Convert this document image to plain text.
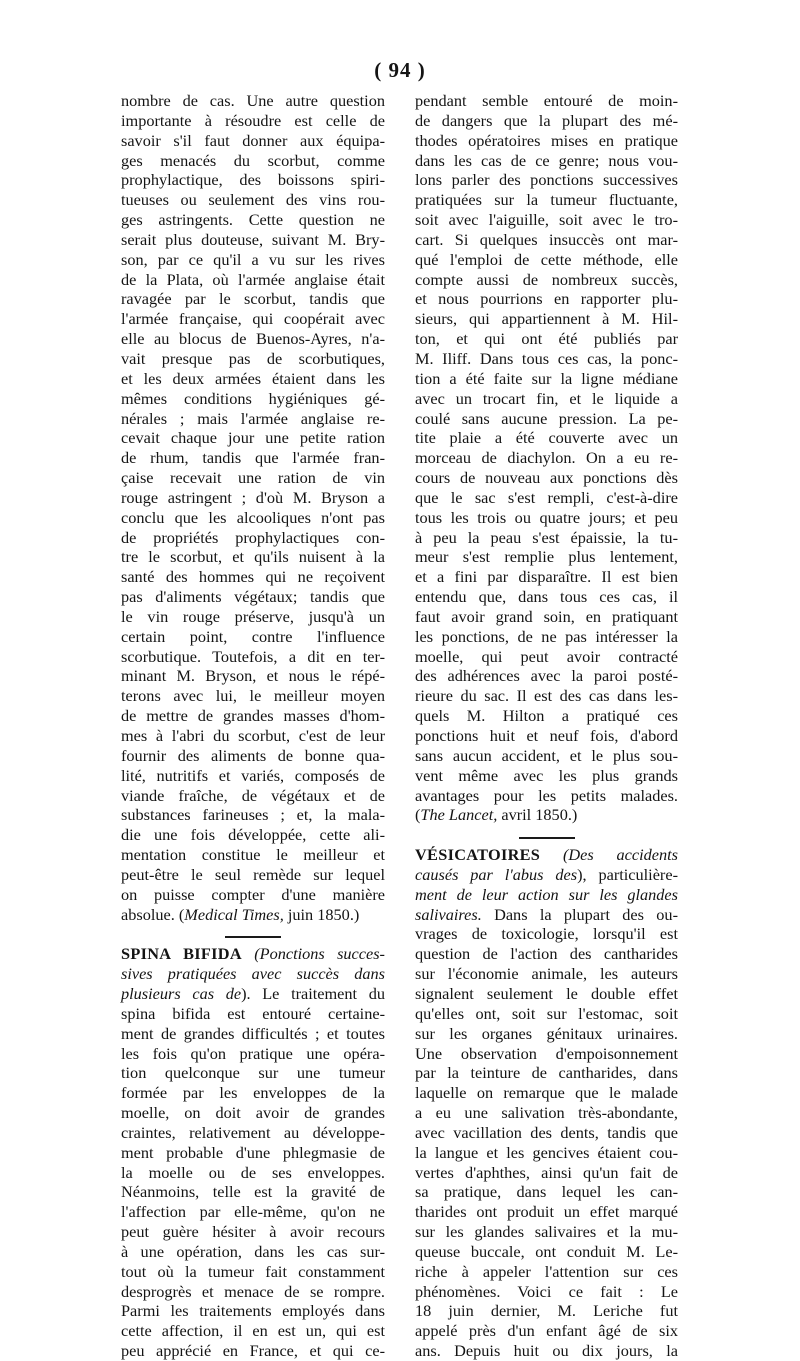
( 94 )

nombre de cas. Une autre question
importante à résoudre est celle de
savoir s'il faut donner aux équipa-
ges menacés du scorbut, comme
prophylactique, des boissons spiri-
tueuses ou seulement des vins rou-
ges astringents. Cette question ne
serait plus douteuse, suivant M. Bry-
son, par ce qu'il a vu sur les rives
de la Plata, où l'armée anglaise était
ravagée par le scorbut, tandis que
l'armée française, qui coopérait avec
elle au blocus de Buenos-Ayres, n'a-
vait presque pas de scorbutiques,
et les deux armées étaient dans les
mêmes conditions hygiéniques gé-
nérales ; mais l'armée anglaise re-
cevait chaque jour une petite ration
de rhum, tandis que l'armée fran-
çaise recevait une ration de vin
rouge astringent ; d'où M. Bryson a
conclu que les alcooliques n'ont pas
de propriétés prophylactiques con-
tre le scorbut, et qu'ils nuisent à la
santé des hommes qui ne reçoivent
pas d'aliments végétaux; tandis que
le vin rouge préserve, jusqu'à un
certain point, contre l'influence
scorbutique. Toutefois, a dit en ter-
minant M. Bryson, et nous le répé-
terons avec lui, le meilleur moyen
de mettre de grandes masses d'hom-
mes à l'abri du scorbut, c'est de leur
fournir des aliments de bonne qua-
lité, nutritifs et variés, composés de
viande fraîche, de végétaux et de
substances farineuses ; et, la mala-
die une fois développée, cette ali-
mentation constitue le meilleur et
peut-être le seul remède sur lequel
on puisse compter d'une manière

absolue. (Medical Times, juin 1850.)
SPINA BIFIDA (Ponctions succes-
sives pratiquées avec succès dans
plusieurs cas de). Le traitement du

spina bifida est entouré certaine-
ment de grandes difficultés ; et toutes
les fois qu'on pratique une opéra-
tion quelconque sur une tumeur
formée par les enveloppes de la
moelle, on doit avoir de grandes
craintes, relativement au développe-
ment probable d'une phlegmasie de
la moelle ou de ses enveloppes.
Néanmoins, telle est la gravité de
l'affection par elle-même, qu'on ne
peut guère hésiter à avoir recours
à une opération, dans les cas sur-
tout où la tumeur fait constamment
desprogrès et menace de se rompre.
Parmi les traitements employés dans
cette affection, il en est un, qui est
peu apprécié en France, et qui ce-

pendant semble entouré de moin-
de dangers que la plupart des mé-
thodes opératoires mises en pratique
dans les cas de ce genre; nous vou-
lons parler des ponctions successives
pratiquées sur la tumeur fluctuante,
soit avec l'aiguille, soit avec le tro-
cart. Si quelques insuccès ont mar-
qué l'emploi de cette méthode, elle
compte aussi de nombreux succès,
et nous pourrions en rapporter plu-
sieurs, qui appartiennent à M. Hil-
ton, et qui ont été publiés par
M. Iliff. Dans tous ces cas, la ponc-
tion a été faite sur la ligne médiane
avec un trocart fin, et le liquide a
coulé sans aucune pression. La pe-
tite plaie a été couverte avec un
morceau de diachylon. On a eu re-
cours de nouveau aux ponctions dès
que le sac s'est rempli, c'est-à-dire
tous les trois ou quatre jours; et peu
à peu la peau s'est épaissie, la tu-
meur s'est remplie plus lentement,
et a fini par disparaître. Il est bien
entendu que, dans tous ces cas, il
faut avoir grand soin, en pratiquant
les ponctions, de ne pas intéresser la
moelle, qui peut avoir contracté
des adhérences avec la paroi posté-
rieure du sac. Il est des cas dans les-
quels M. Hilton a pratiqué ces
ponctions huit et neuf fois, d'abord
sans aucun accident, et le plus sou-
vent même avec les plus grands
avantages pour les petits malades.

(The Lancet, avril 1850.)
VÉSICATOIRES (Des accidents
causés par l'abus des), particulière-
ment de leur action sur les glandes
salivaires. Dans la plupart des ou-

vrages de toxicologie, lorsqu'il est
question de l'action des cantharides
sur l'économie animale, les auteurs
signalent seulement le double effet
qu'elles ont, soit sur l'estomac, soit
sur les organes génitaux urinaires.
Une observation d'empoisonnement
par la teinture de cantharides, dans
laquelle on remarque que le malade
a eu une salivation très-abondante,
avec vacillation des dents, tandis que
la langue et les gencives étaient cou-
vertes d'aphthes, ainsi qu'un fait de
sa pratique, dans lequel les can-
tharides ont produit un effet marqué
sur les glandes salivaires et la mu-
queuse buccale, ont conduit M. Le-
riche à appeler l'attention sur ces
phénomènes. Voici ce fait : Le
18 juin dernier, M. Leriche fut
appelé près d'un enfant âgé de six
ans. Depuis huit ou dix jours, la
